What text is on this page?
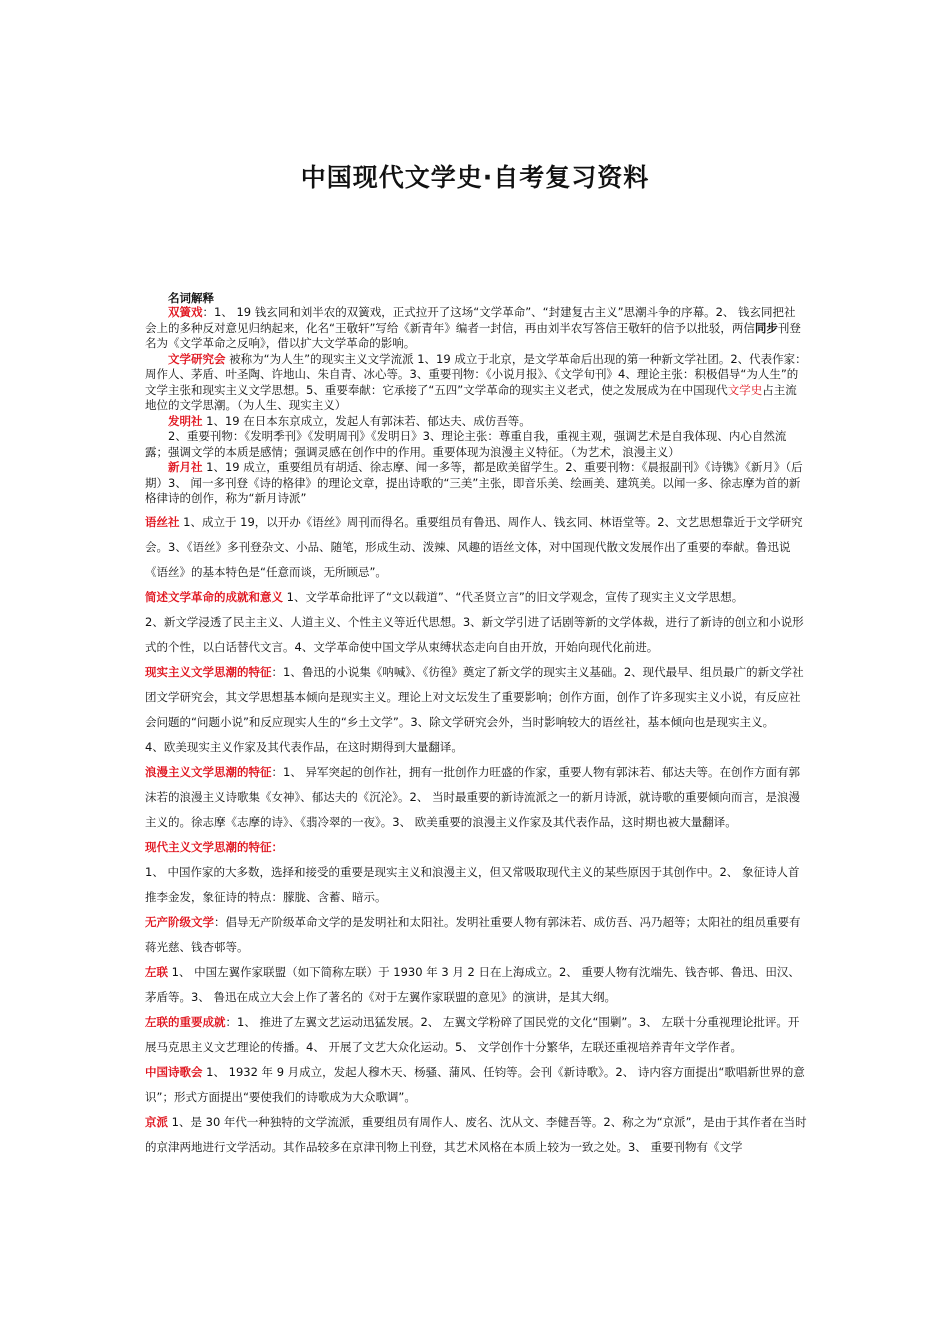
中国现代文学史·自考复习资料
名词解释

双簧戏：1、 19 钱玄同和刘半农的双簧戏，正式拉开了这场“文学革命”、“封建复古主义”思潮斗争的序幕。2、 钱玄同把社会上的多种反对意见归纳起来，化名“王敬轩”写给《新青年》编者一封信，再由刘半农写答信王敬轩的信予以批驳，两信同步刊登名为《文学革命之反响》，借以扩大文学革命的影响。

文学研究会 被称为“为人生”的现实主义文学流派 1、19 成立于北京，是文学革命后出现的第一种新文学社团。2、代表作家：周作人、茅盾、叶圣陶、许地山、朱自青、冰心等。3、重要刊物：《小说月报》、《文学旬刊》4、理论主张：积极倡导“为人生”的文学主张和现实主义文学思想。5、重要奉献：它承接了“五四”文学革命的现实主义老式，使之发展成为在中国现代文学史占主流地位的文学思潮。（为人生、现实主义）

发明社 1、19 在日本东京成立，发起人有郭沫若、郁达夫、成仿吾等。

2、重要刊物：《发明季刊》《发明周刊》《发明日》3、理论主张：尊重自我，重视主观，强调艺术是自我体现、内心自然流露；强调文学的本质是感情；强调灵感在创作中的作用。重要体现为浪漫主义特征。（为艺术，浪漫主义）

新月社 1、19 成立，重要组员有胡适、徐志摩、闻一多等，都是欧美留学生。2、重要刊物：《晨报副刊》《诗镌》《新月》（后期）3、 闻一多刊登《诗的格律》的理论文章，提出诗歌的“三美”主张，即音乐美、绘画美、建筑美。以闻一多、徐志摩为首的新格律诗的创作，称为“新月诗派”

语丝社 1、成立于 19，以开办《语丝》周刊而得名。重要组员有鲁迅、周作人、钱玄同、林语堂等。2、文艺思想靠近于文学研究会。3、《语丝》多刊登杂文、小品、随笔，形成生动、泼辣、风趣的语丝文体，对中国现代散文发展作出了重要的奉献。鲁迅说《语丝》的基本特色是“任意而谈，无所顾忌”。

简述文学革命的成就和意义 1、文学革命批评了“文以载道”、“代圣贤立言”的旧文学观念，宣传了现实主义文学思想。

2、新文学浸透了民主主义、人道主义、个性主义等近代思想。3、新文学引进了话剧等新的文学体裁，进行了新诗的创立和小说形式的个性，以白话替代文言。4、文学革命使中国文学从束缚状态走向自由开放，开始向现代化前进。

现实主义文学思潮的特征：1、鲁迅的小说集《呐喊》、《彷徨》奠定了新文学的现实主义基础。2、现代最早、组员最广的新文学社团文学研究会，其文学思想基本倾向是现实主义。理论上对文坛发生了重要影响；创作方面，创作了许多现实主义小说，有反应社会问题的“问题小说”和反应现实人生的“乡土文学”。3、除文学研究会外，当时影响较大的语丝社，基本倾向也是现实主义。

4、欧美现实主义作家及其代表作品，在这时期得到大量翻译。

浪漫主义文学思潮的特征：1、 异军突起的创作社，拥有一批创作力旺盛的作家，重要人物有郭沫若、郁达夫等。在创作方面有郭沫若的浪漫主义诗歌集《女神》、郁达夫的《沉沦》。2、 当时最重要的新诗流派之一的新月诗派，就诗歌的重要倾向而言，是浪漫主义的。徐志摩《志摩的诗》、《翡冷翠的一夜》。3、 欧美重要的浪漫主义作家及其代表作品，这时期也被大量翻译。

现代主义文学思潮的特征：

1、 中国作家的大多数，选择和接受的重要是现实主义和浪漫主义，但又常吸取现代主义的某些原因于其创作中。2、 象征诗人首推李金发，象征诗的特点：朦胧、含蓄、暗示。

无产阶级文学：倡导无产阶级革命文学的是发明社和太阳社。发明社重要人物有郭沫若、成仿吾、冯乃超等；太阳社的组员重要有蒋光慈、钱杏邨等。

左联 1、 中国左翼作家联盟（如下简称左联）于 1930 年 3 月 2 日在上海成立。2、 重要人物有沈端先、钱杏邨、鲁迅、田汉、茅盾等。3、 鲁迅在成立大会上作了著名的《对于左翼作家联盟的意见》的演讲，是其大纲。

左联的重要成就：1、 推进了左翼文艺运动迅猛发展。2、 左翼文学粉碎了国民党的文化“围剿”。3、 左联十分重视理论批评。开展马克思主义文艺理论的传播。4、 开展了文艺大众化运动。5、 文学创作十分繁华，左联还重视培养青年文学作者。

中国诗歌会 1、 1932 年 9 月成立，发起人穆木天、杨骚、蒲风、任钧等。会刊《新诗歌》。2、 诗内容方面提出“歌唱新世界的意识”；形式方面提出“要使我们的诗歌成为大众歌调”。

京派 1、是 30 年代一种独特的文学流派，重要组员有周作人、废名、沈从文、李健吾等。2、称之为“京派”，是由于其作者在当时的京津两地进行文学活动。其作品较多在京津刊物上刊登，其艺术风格在本质上较为一致之处。3、 重要刊物有《文学
